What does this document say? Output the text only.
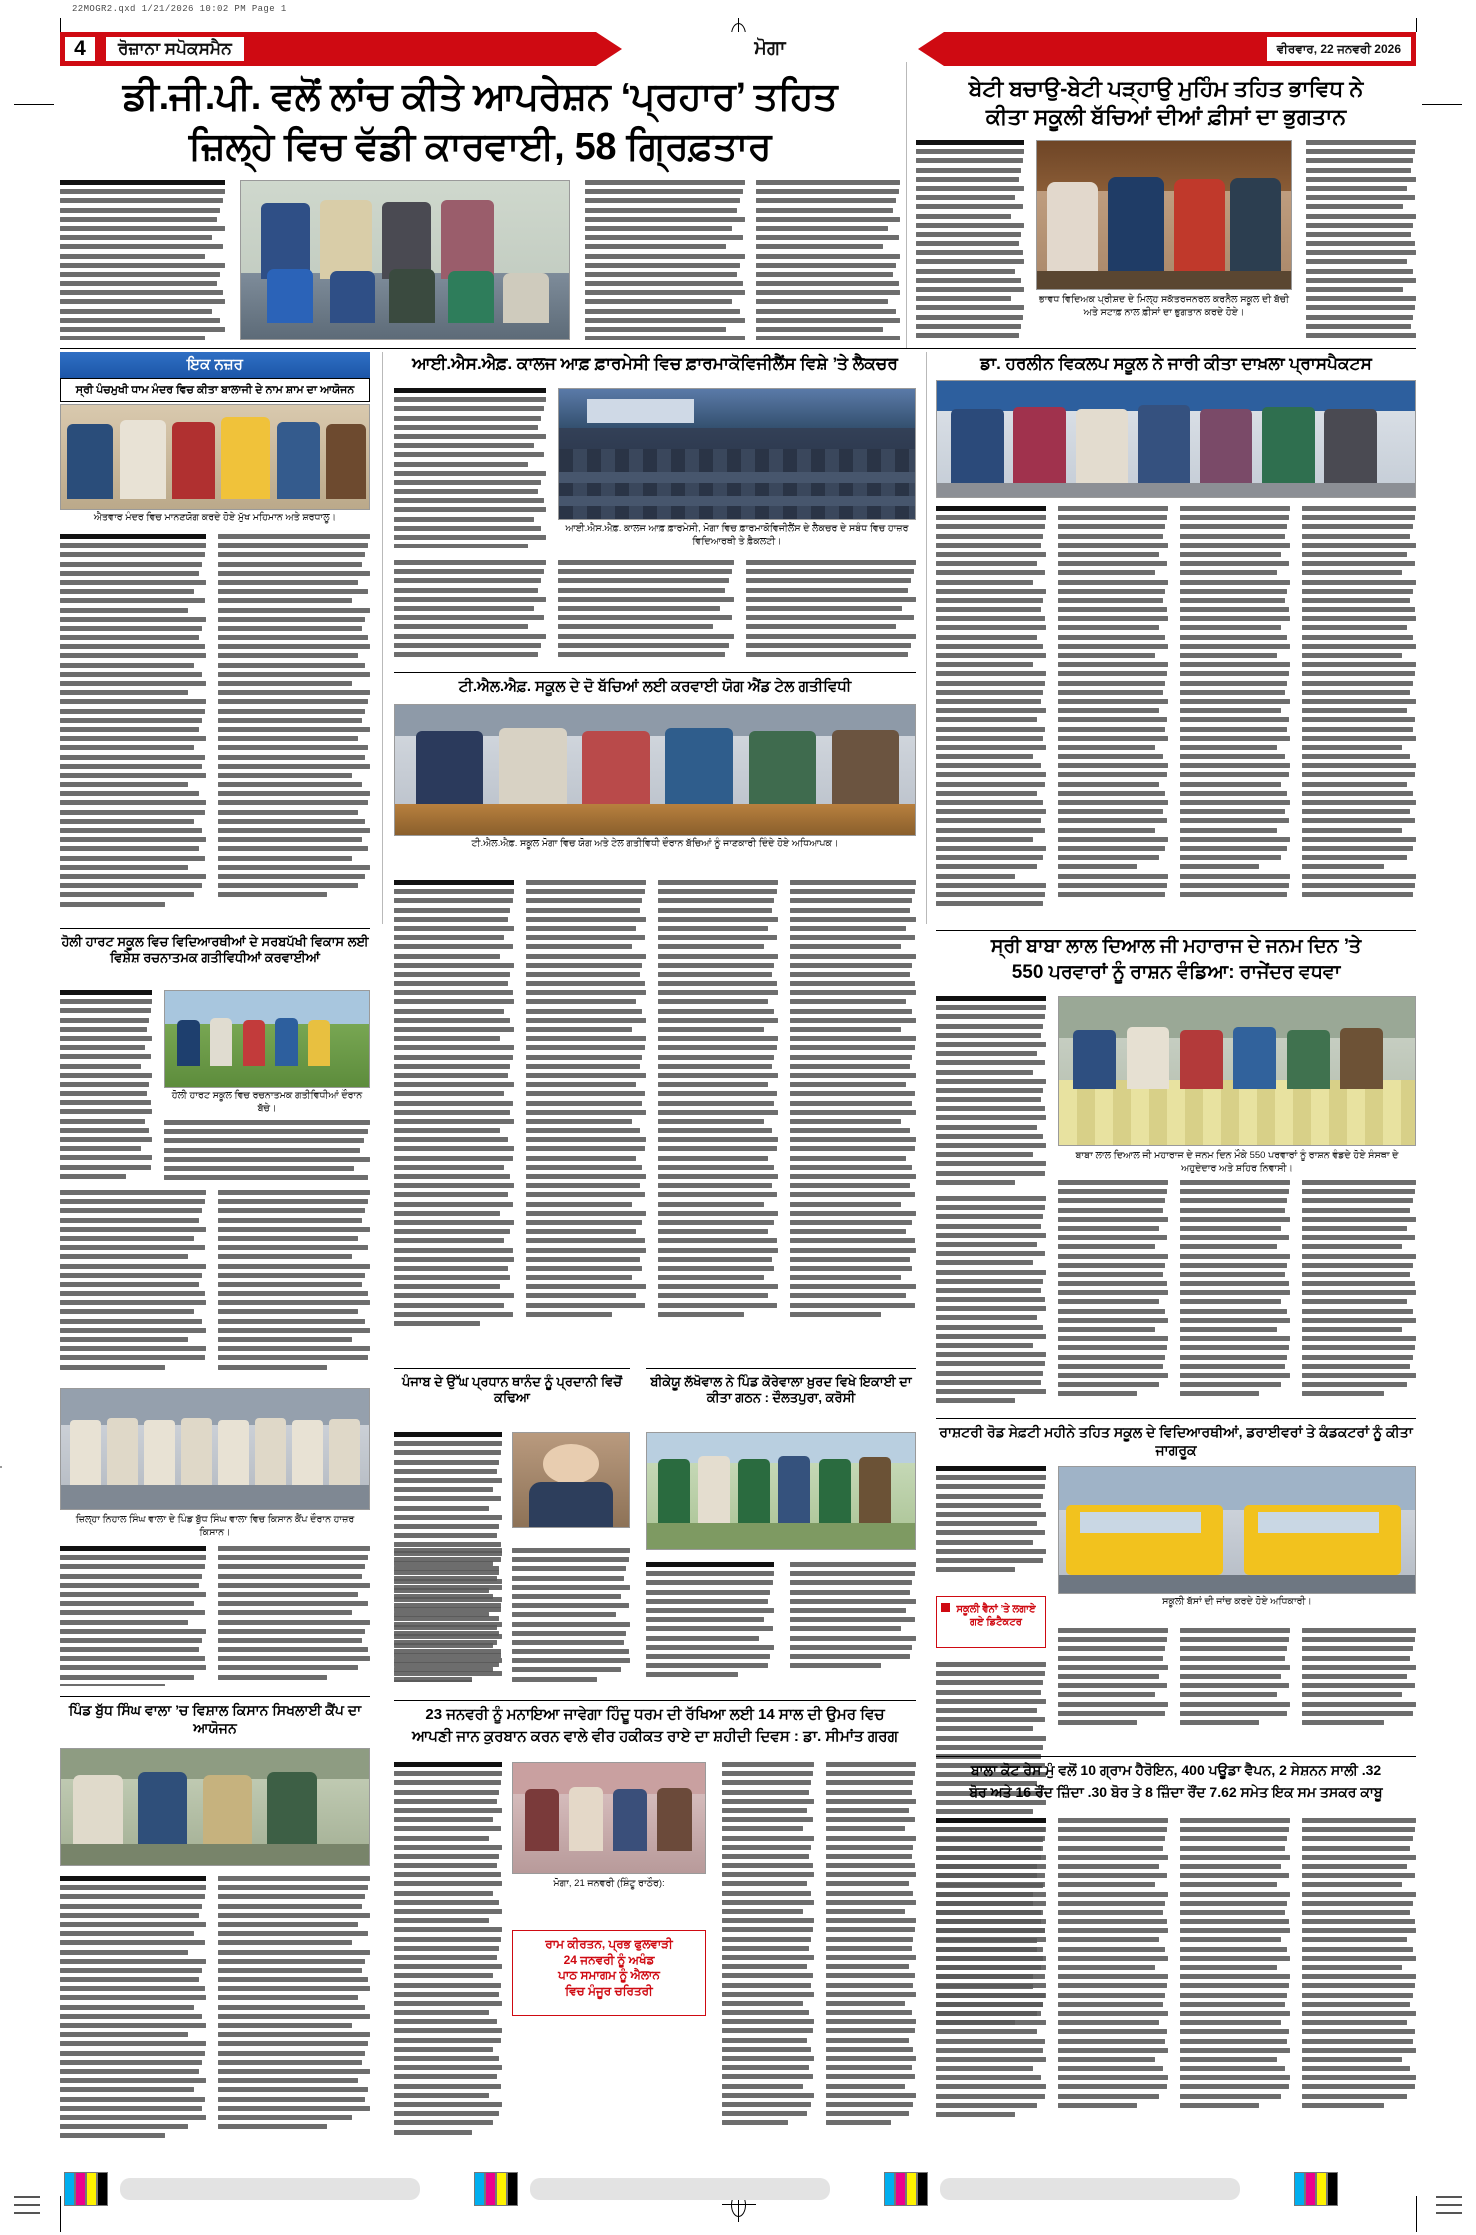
22MOGR2.qxd 1/21/2026 10:02 PM Page 1
4	ਰੋਜ਼ਾਨਾ ਸਪੋਕਸਮੈਨ	ਮੋਗਾ	ਵੀਰਵਾਰ, 22 ਜਨਵਰੀ 2026
ਡੀ.ਜੀ.ਪੀ. ਵਲੋਂ ਲਾਂਚ ਕੀਤੇ ਆਪਰੇਸ਼ਨ ‘ਪ੍ਰਹਾਰ’ ਤਹਿਤ
ਜ਼ਿਲ੍ਹੇ ਵਿਚ ਵੱਡੀ ਕਾਰਵਾਈ, 58 ਗ੍ਰਿਫ਼ਤਾਰ
ਬੇਟੀ ਬਚਾਉ-ਬੇਟੀ ਪੜ੍ਹਾਉ ਮੁਹਿੰਮ ਤਹਿਤ ਭਾਵਿਧ ਨੇ
ਕੀਤਾ ਸਕੂਲੀ ਬੱਚਿਆਂ ਦੀਆਂ ਫ਼ੀਸਾਂ ਦਾ ਭੁਗਤਾਨ
ਭਾਵਧ ਵਿਦਿਅਕ ਪ੍ਰੀਸ਼ਦ ਦੇ ਮਿਲ੍ਹ ਸਕੱਤਰਜਨਰਲ ਕਰਨੈਲ ਸਕੂਲ ਦੀ ਬੱਚੀ ਅਤੇ ਸਟਾਫ਼ ਨਾਲ ਫ਼ੀਸਾਂ ਦਾ ਭੁਗਤਾਨ ਕਰਦੇ ਹੋਏ।
ਇਕ ਨਜ਼ਰ
ਸ੍ਰੀ ਪੰਚਮੁਖੀ ਧਾਮ ਮੰਦਰ ਵਿਚ ਕੀਤਾ ਬਾਲਾਜੀ ਦੇ ਨਾਮ ਸ਼ਾਮ ਦਾ ਆਯੋਜਨ
ਐਤਵਾਰ ਮੰਦਰ ਵਿਚ ਮਾਨਣਯੋਗ ਕਰਦੇ ਹੋਏ ਮੁੱਖ ਮਹਿਮਾਨ ਅਤੇ ਸ਼ਰਧਾਲੂ।
ਆਈ.ਐਸ.ਐਫ਼. ਕਾਲਜ ਆਫ਼ ਫ਼ਾਰਮੇਸੀ ਵਿਚ ਫ਼ਾਰਮਾਕੋਵਿਜੀਲੈਂਸ ਵਿਸ਼ੇ ’ਤੇ ਲੈਕਚਰ
ਆਈ.ਐਸ.ਐਫ਼. ਕਾਲਜ ਆਫ਼ ਫ਼ਾਰਮੇਸੀ, ਮੋਗਾ ਵਿਚ ਫ਼ਾਰਮਾਕੋਵਿਜੀਲੈਂਸ ਦੇ ਲੈਕਚਰ ਦੇ ਸਬੰਧ ਵਿਚ ਹਾਜ਼ਰ ਵਿਦਿਆਰਥੀ ਤੇ ਫ਼ੈਕਲਟੀ।
ਡਾ. ਹਰਲੀਨ ਵਿਕਲਪ ਸਕੂਲ ਨੇ ਜਾਰੀ ਕੀਤਾ ਦਾਖ਼ਲਾ ਪ੍ਰਾਸਪੈਕਟਸ
ਟੀ.ਐਲ.ਐਫ਼. ਸਕੂਲ ਦੇ ਦੋ ਬੱਚਿਆਂ ਲਈ ਕਰਵਾਈ ਯੋਗ ਐਂਡ ਟੇਲ ਗਤੀਵਿਧੀ
ਟੀ.ਐਲ.ਐਫ਼. ਸਕੂਲ ਮੋਗਾ ਵਿਚ ਯੋਗ ਅਤੇ ਟੇਲ ਗਤੀਵਿਧੀ ਦੌਰਾਨ ਬੱਚਿਆਂ ਨੂੰ ਜਾਣਕਾਰੀ ਦਿੰਦੇ ਹੋਏ ਅਧਿਆਪਕ।
ਹੋਲੀ ਹਾਰਟ ਸਕੂਲ ਵਿਚ ਵਿਦਿਆਰਥੀਆਂ ਦੇ ਸਰਬਪੱਖੀ ਵਿਕਾਸ ਲਈ ਵਿਸ਼ੇਸ਼ ਰਚਨਾਤਮਕ ਗਤੀਵਿਧੀਆਂ ਕਰਵਾਈਆਂ
ਹੋਲੀ ਹਾਰਟ ਸਕੂਲ ਵਿਚ ਰਚਨਾਤਮਕ ਗਤੀਵਿਧੀਆਂ ਦੌਰਾਨ ਬੱਚੇ।
ਸ੍ਰੀ ਬਾਬਾ ਲਾਲ ਦਿਆਲ ਜੀ ਮਹਾਰਾਜ ਦੇ ਜਨਮ ਦਿਨ ’ਤੇ
550 ਪਰਵਾਰਾਂ ਨੂੰ ਰਾਸ਼ਨ ਵੰਡਿਆ: ਰਾਜੇਂਦਰ ਵਧਵਾ
ਬਾਬਾ ਲਾਲ ਦਿਆਲ ਜੀ ਮਹਾਰਾਜ ਦੇ ਜਨਮ ਦਿਨ ਮੌਕੇ 550 ਪਰਵਾਰਾਂ ਨੂੰ ਰਾਸ਼ਨ ਵੰਡਦੇ ਹੋਏ ਸੰਸਥਾ ਦੇ ਅਹੁਦੇਦਾਰ ਅਤੇ ਸ਼ਹਿਰ ਨਿਵਾਸੀ।
ਪੰਜਾਬ ਦੇ ਉੱਘ ਪ੍ਰਧਾਨ ਥਾਨੰਦ ਨੂੰ ਪ੍ਰਦਾਨੀ ਵਿਚੋਂ ਕਢਿਆ
ਬੀਕੇਯੂ ਲੱਖੋਵਾਲ ਨੇ ਪਿੰਡ ਕੋਰੇਵਾਲਾ ਖ਼ੁਰਦ ਵਿਖੇ ਇਕਾਈ ਦਾ ਕੀਤਾ ਗਠਨ : ਦੌਲਤਪੁਰਾ, ਕਰੋਸੀ
ਜ਼ਿਲ੍ਹਾ ਨਿਹਾਲ ਸਿੰਘ ਵਾਲਾ ਦੇ ਪਿੰਡ ਬੁੱਧ ਸਿੰਘ ਵਾਲਾ ਵਿਚ ਕਿਸਾਨ ਕੈਂਪ ਦੌਰਾਨ ਹਾਜ਼ਰ ਕਿਸਾਨ।
ਪਿੰਡ ਬੁੱਧ ਸਿੰਘ ਵਾਲਾ ’ਚ ਵਿਸ਼ਾਲ ਕਿਸਾਨ ਸਿਖਲਾਈ ਕੈਂਪ ਦਾ ਆਯੋਜਨ
23 ਜਨਵਰੀ ਨੂੰ ਮਨਾਇਆ ਜਾਵੇਗਾ ਹਿੰਦੂ ਧਰਮ ਦੀ ਰੱਖਿਆ ਲਈ 14 ਸਾਲ ਦੀ ਉਮਰ ਵਿਚ
ਆਪਣੀ ਜਾਨ ਕੁਰਬਾਨ ਕਰਨ ਵਾਲੇ ਵੀਰ ਹਕੀਕਤ ਰਾਏ ਦਾ ਸ਼ਹੀਦੀ ਦਿਵਸ : ਡਾ. ਸੀਮਾਂਤ ਗਰਗ
ਮੋਗਾ, 21 ਜਨਵਰੀ (ਸ਼ਿੰਟੂ ਰਾਠੌਰ):
ਰਾਮ ਕੀਰਤਨ, ਪ੍ਰਭ ਫੁਲਵਾੜੀ
24 ਜਨਵਰੀ ਨੂੰ ਅਖੰਡ
ਪਾਠ ਸਮਾਗਮ ਨੂੰ ਐਲਾਨ
ਵਿਚ ਮੰਜੂਰ ਚਰਿਤਰੀ
ਰਾਸ਼ਟਰੀ ਰੋਡ ਸੇਫ਼ਟੀ ਮਹੀਨੇ ਤਹਿਤ ਸਕੂਲ ਦੇ ਵਿਦਿਆਰਥੀਆਂ, ਡਰਾਈਵਰਾਂ ਤੇ ਕੰਡਕਟਰਾਂ ਨੂੰ ਕੀਤਾ ਜਾਗਰੂਕ
ਸਕੂਲੀ ਬੱਸਾਂ ਦੀ ਜਾਂਚ ਕਰਦੇ ਹੋਏ ਅਧਿਕਾਰੀ।
ਸਕੂਲੀ ਵੈਨਾਂ ’ਤੇ ਲਗਾਏ
ਗਏ ਡਿਟੈਕਟਰ
ਬਾਲਾ ਕੋਟ ਰੇਸ ਮੁੰ ਵਲੋਂ 10 ਗ੍ਰਾਮ ਹੈਰੋਇਨ, 400 ਪਊਡਾ ਵੈਪਨ, 2 ਸੇਸ਼ਨਨ ਸਾਲੀ .32
ਬੋਰ ਅਤੇ 16 ਰੌਂਦ ਜ਼ਿੰਦਾ .30 ਬੋਰ ਤੇ 8 ਜ਼ਿੰਦਾ ਰੌਂਦ 7.62 ਸਮੇਤ ਇਕ ਸਮ ਤਸਕਰ ਕਾਬੂ
